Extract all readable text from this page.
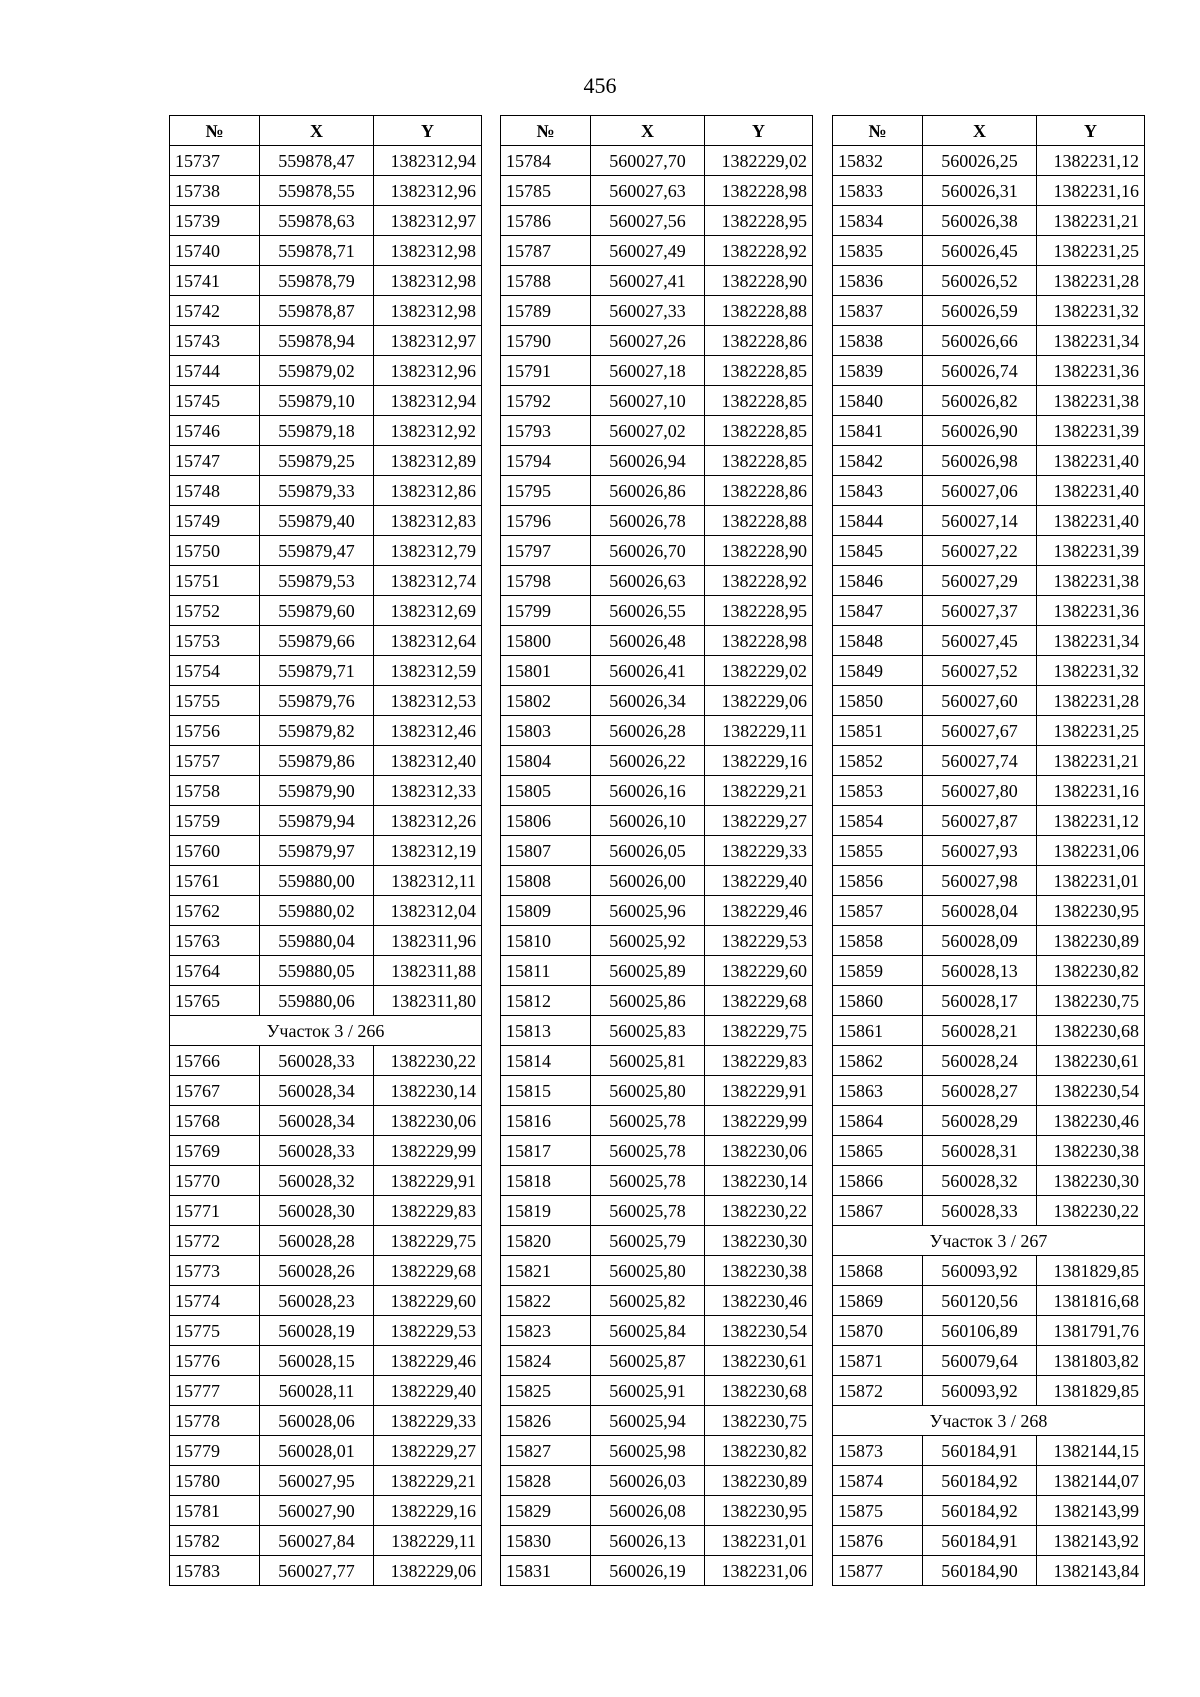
456
№	X	Y
15737	559878,47	1382312,94
15738	559878,55	1382312,96
15739	559878,63	1382312,97
15740	559878,71	1382312,98
15741	559878,79	1382312,98
15742	559878,87	1382312,98
15743	559878,94	1382312,97
15744	559879,02	1382312,96
15745	559879,10	1382312,94
15746	559879,18	1382312,92
15747	559879,25	1382312,89
15748	559879,33	1382312,86
15749	559879,40	1382312,83
15750	559879,47	1382312,79
15751	559879,53	1382312,74
15752	559879,60	1382312,69
15753	559879,66	1382312,64
15754	559879,71	1382312,59
15755	559879,76	1382312,53
15756	559879,82	1382312,46
15757	559879,86	1382312,40
15758	559879,90	1382312,33
15759	559879,94	1382312,26
15760	559879,97	1382312,19
15761	559880,00	1382312,11
15762	559880,02	1382312,04
15763	559880,04	1382311,96
15764	559880,05	1382311,88
15765	559880,06	1382311,80
Участок 3 / 266		
15766	560028,33	1382230,22
15767	560028,34	1382230,14
15768	560028,34	1382230,06
15769	560028,33	1382229,99
15770	560028,32	1382229,91
15771	560028,30	1382229,83
15772	560028,28	1382229,75
15773	560028,26	1382229,68
15774	560028,23	1382229,60
15775	560028,19	1382229,53
15776	560028,15	1382229,46
15777	560028,11	1382229,40
15778	560028,06	1382229,33
15779	560028,01	1382229,27
15780	560027,95	1382229,21
15781	560027,90	1382229,16
15782	560027,84	1382229,11
15783	560027,77	1382229,06
№	X	Y
15784	560027,70	1382229,02
15785	560027,63	1382228,98
15786	560027,56	1382228,95
15787	560027,49	1382228,92
15788	560027,41	1382228,90
15789	560027,33	1382228,88
15790	560027,26	1382228,86
15791	560027,18	1382228,85
15792	560027,10	1382228,85
15793	560027,02	1382228,85
15794	560026,94	1382228,85
15795	560026,86	1382228,86
15796	560026,78	1382228,88
15797	560026,70	1382228,90
15798	560026,63	1382228,92
15799	560026,55	1382228,95
15800	560026,48	1382228,98
15801	560026,41	1382229,02
15802	560026,34	1382229,06
15803	560026,28	1382229,11
15804	560026,22	1382229,16
15805	560026,16	1382229,21
15806	560026,10	1382229,27
15807	560026,05	1382229,33
15808	560026,00	1382229,40
15809	560025,96	1382229,46
15810	560025,92	1382229,53
15811	560025,89	1382229,60
15812	560025,86	1382229,68
15813	560025,83	1382229,75
15814	560025,81	1382229,83
15815	560025,80	1382229,91
15816	560025,78	1382229,99
15817	560025,78	1382230,06
15818	560025,78	1382230,14
15819	560025,78	1382230,22
15820	560025,79	1382230,30
15821	560025,80	1382230,38
15822	560025,82	1382230,46
15823	560025,84	1382230,54
15824	560025,87	1382230,61
15825	560025,91	1382230,68
15826	560025,94	1382230,75
15827	560025,98	1382230,82
15828	560026,03	1382230,89
15829	560026,08	1382230,95
15830	560026,13	1382231,01
15831	560026,19	1382231,06
№	X	Y
15832	560026,25	1382231,12
15833	560026,31	1382231,16
15834	560026,38	1382231,21
15835	560026,45	1382231,25
15836	560026,52	1382231,28
15837	560026,59	1382231,32
15838	560026,66	1382231,34
15839	560026,74	1382231,36
15840	560026,82	1382231,38
15841	560026,90	1382231,39
15842	560026,98	1382231,40
15843	560027,06	1382231,40
15844	560027,14	1382231,40
15845	560027,22	1382231,39
15846	560027,29	1382231,38
15847	560027,37	1382231,36
15848	560027,45	1382231,34
15849	560027,52	1382231,32
15850	560027,60	1382231,28
15851	560027,67	1382231,25
15852	560027,74	1382231,21
15853	560027,80	1382231,16
15854	560027,87	1382231,12
15855	560027,93	1382231,06
15856	560027,98	1382231,01
15857	560028,04	1382230,95
15858	560028,09	1382230,89
15859	560028,13	1382230,82
15860	560028,17	1382230,75
15861	560028,21	1382230,68
15862	560028,24	1382230,61
15863	560028,27	1382230,54
15864	560028,29	1382230,46
15865	560028,31	1382230,38
15866	560028,32	1382230,30
15867	560028,33	1382230,22
Участок 3 / 267		
15868	560093,92	1381829,85
15869	560120,56	1381816,68
15870	560106,89	1381791,76
15871	560079,64	1381803,82
15872	560093,92	1381829,85
Участок 3 / 268		
15873	560184,91	1382144,15
15874	560184,92	1382144,07
15875	560184,92	1382143,99
15876	560184,91	1382143,92
15877	560184,90	1382143,84
